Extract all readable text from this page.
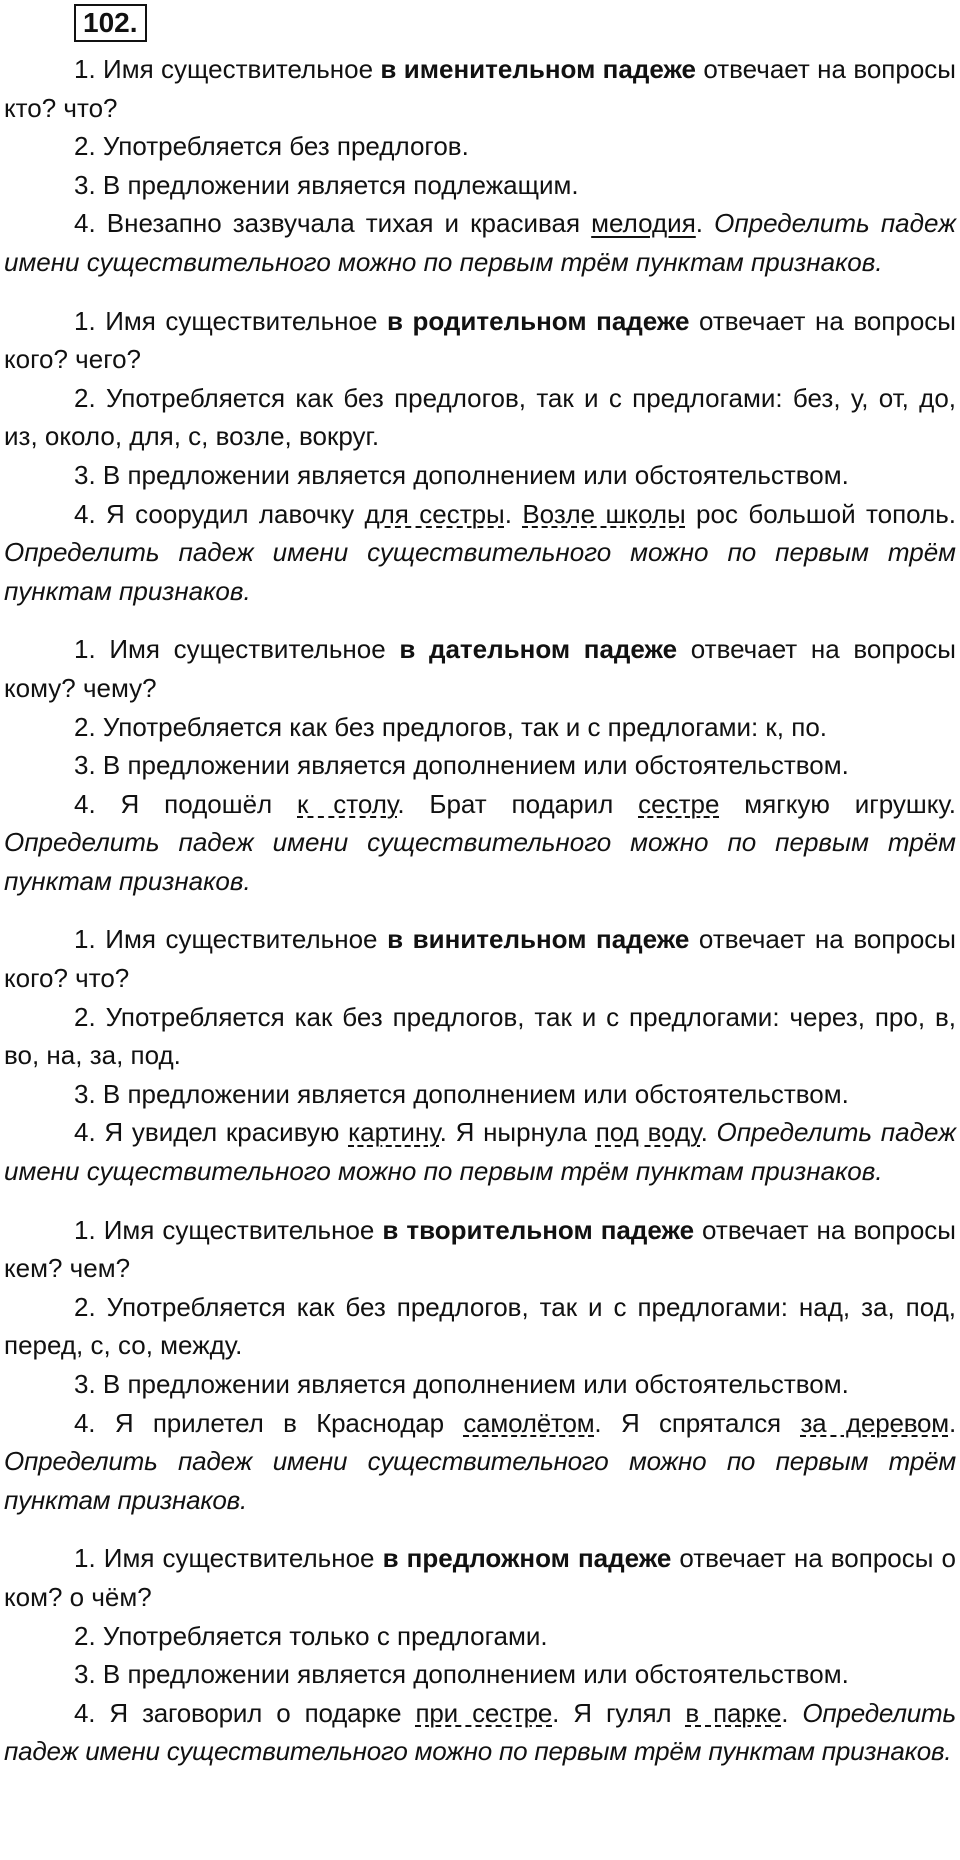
102.

1. Имя существительное в именительном падеже отвечает на вопросы кто? что?

2. Употребляется без предлогов.

3. В предложении является подлежащим.

4. Внезапно зазвучала тихая и красивая мелодия. Определить падеж имени существительного можно по первым трём пунктам признаков.

1. Имя существительное в родительном падеже отвечает на вопросы кого? чего?

2. Употребляется как без предлогов, так и с предлогами: без, у, от, до, из, около, для, с, возле, вокруг.

3. В предложении является дополнением или обстоятельством.

4. Я соорудил лавочку для сестры. Возле школы рос большой тополь. Определить падеж имени существительного можно по первым трём пунктам признаков.

1. Имя существительное в дательном падеже отвечает на вопросы кому? чему?

2. Употребляется как без предлогов, так и с предлогами: к, по.

3. В предложении является дополнением или обстоятельством.

4. Я подошёл к столу. Брат подарил сестре мягкую игрушку. Определить падеж имени существительного можно по первым трём пунктам признаков.

1. Имя существительное в винительном падеже отвечает на вопросы кого? что?

2. Употребляется как без предлогов, так и с предлогами: через, про, в, во, на, за, под.

3. В предложении является дополнением или обстоятельством.

4. Я увидел красивую картину. Я нырнула под воду. Определить падеж имени существительного можно по первым трём пунктам признаков.

1. Имя существительное в творительном падеже отвечает на вопросы кем? чем?

2. Употребляется как без предлогов, так и с предлогами: над, за, под, перед, с, со, между.

3. В предложении является дополнением или обстоятельством.

4. Я прилетел в Краснодар самолётом. Я спрятался за деревом. Определить падеж имени существительного можно по первым трём пунктам признаков.

1. Имя существительное в предложном падеже отвечает на вопросы о ком? о чём?

2. Употребляется только с предлогами.

3. В предложении является дополнением или обстоятельством.

4. Я заговорил о подарке при сестре. Я гулял в парке. Определить падеж имени существительного можно по первым трём пунктам признаков.
